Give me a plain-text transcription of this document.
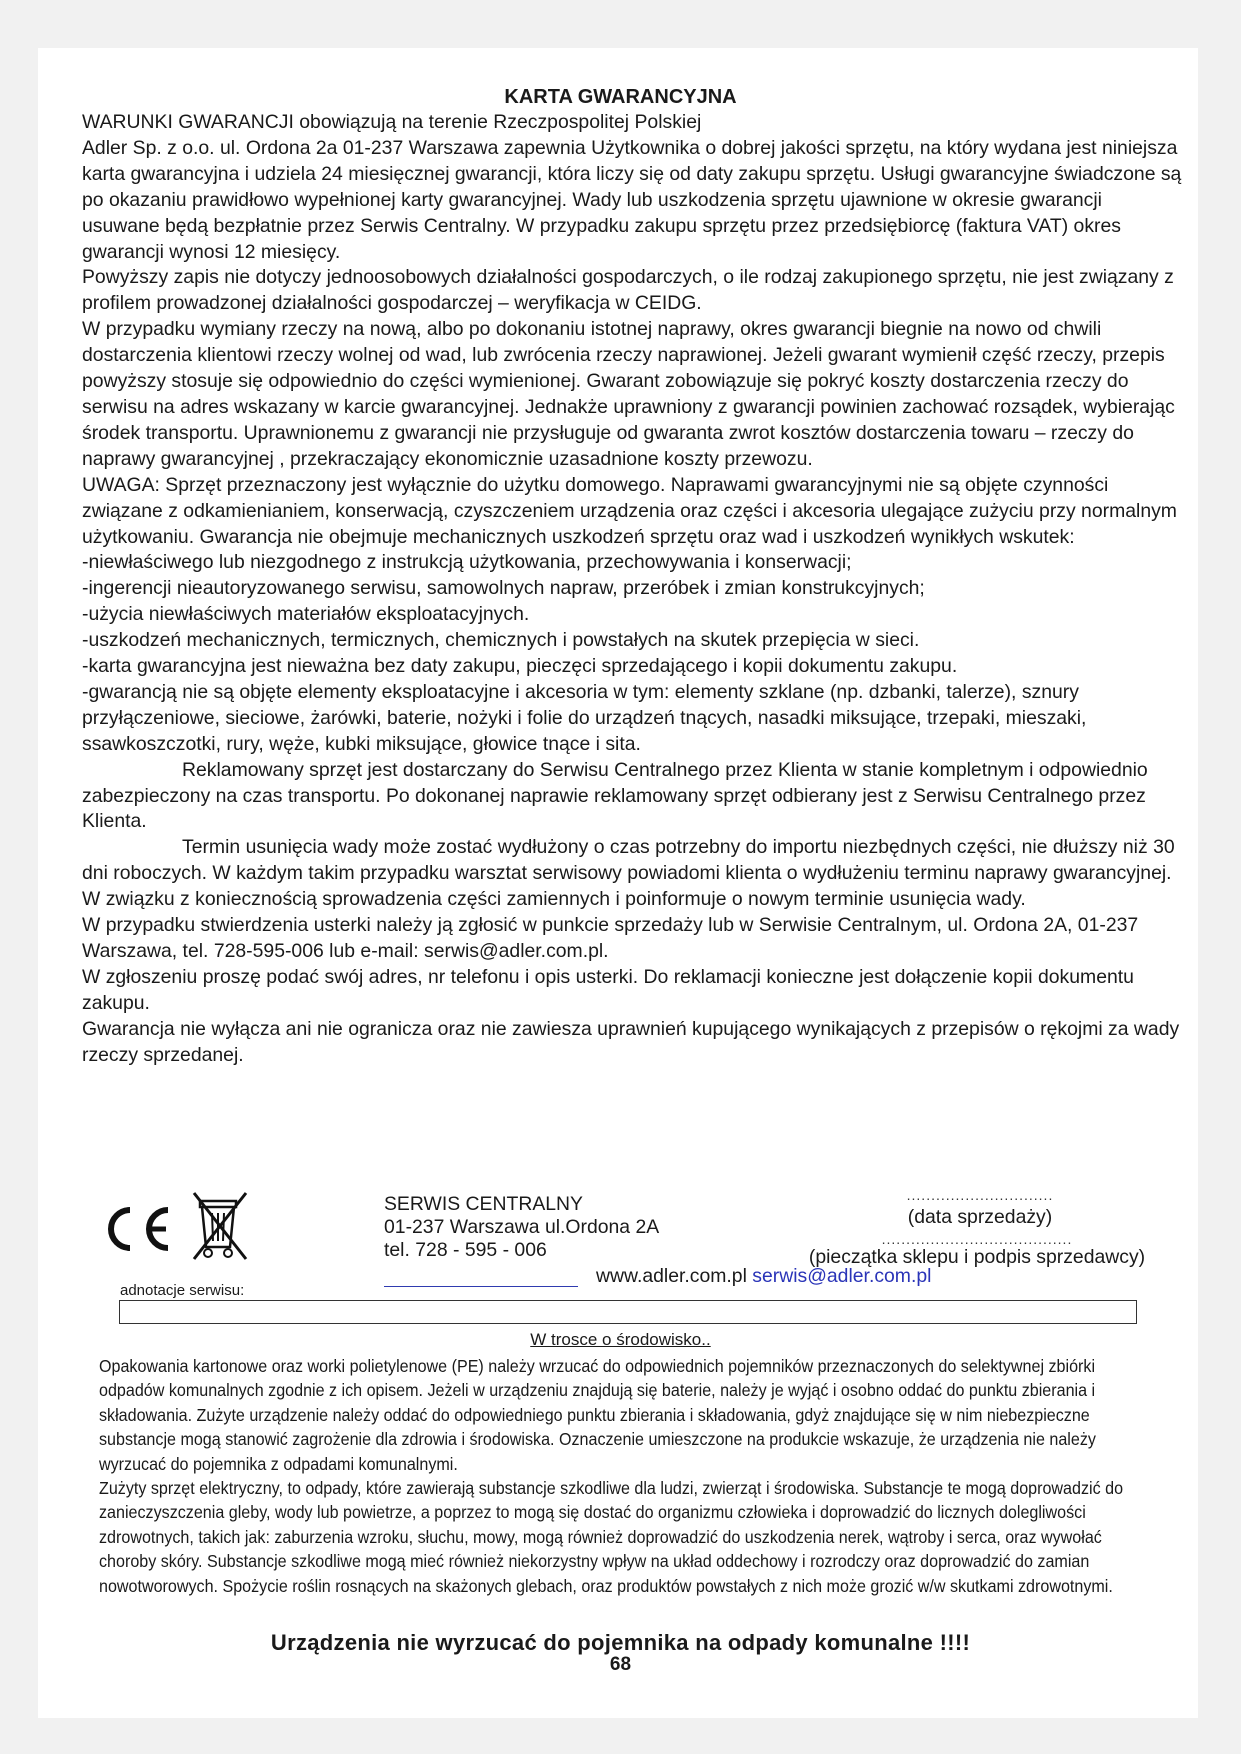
KARTA GWARANCYJNA

WARUNKI GWARANCJI obowiązują na terenie Rzeczpospolitej Polskiej

Adler Sp. z o.o. ul. Ordona 2a 01-237 Warszawa zapewnia Użytkownika o dobrej jakości sprzętu, na który wydana jest niniejsza karta gwarancyjna i udziela 24 miesięcznej gwarancji, która liczy się od daty zakupu sprzętu. Usługi gwarancyjne świadczone są po okazaniu prawidłowo wypełnionej karty gwarancyjnej. Wady lub uszkodzenia sprzętu ujawnione w okresie gwarancji usuwane będą bezpłatnie przez Serwis Centralny. W przypadku zakupu sprzętu przez przedsiębiorcę (faktura VAT) okres gwarancji wynosi 12 miesięcy.

Powyższy zapis nie dotyczy jednoosobowych działalności gospodarczych, o ile rodzaj zakupionego sprzętu, nie jest związany z profilem prowadzonej działalności gospodarczej – weryfikacja w CEIDG.

W przypadku wymiany rzeczy na nową, albo po dokonaniu istotnej naprawy, okres gwarancji biegnie na nowo od chwili dostarczenia klientowi rzeczy wolnej od wad, lub zwrócenia rzeczy naprawionej. Jeżeli gwarant wymienił część rzeczy, przepis powyższy stosuje się odpowiednio do części wymienionej. Gwarant zobowiązuje się pokryć koszty dostarczenia rzeczy do serwisu na adres wskazany w karcie gwarancyjnej. Jednakże uprawniony z gwarancji powinien zachować rozsądek, wybierając środek transportu. Uprawnionemu z gwarancji nie przysługuje od gwaranta zwrot kosztów dostarczenia towaru – rzeczy do naprawy gwarancyjnej , przekraczający ekonomicznie uzasadnione koszty przewozu.

UWAGA: Sprzęt przeznaczony jest wyłącznie do użytku domowego. Naprawami gwarancyjnymi nie są objęte czynności związane z odkamienianiem, konserwacją, czyszczeniem urządzenia oraz części i akcesoria ulegające zużyciu przy normalnym użytkowaniu. Gwarancja nie obejmuje mechanicznych uszkodzeń sprzętu oraz wad i uszkodzeń wynikłych wskutek:

-niewłaściwego lub niezgodnego z instrukcją użytkowania, przechowywania i konserwacji;

-ingerencji nieautoryzowanego serwisu, samowolnych napraw, przeróbek i zmian konstrukcyjnych;

-użycia niewłaściwych materiałów eksploatacyjnych.

-uszkodzeń mechanicznych, termicznych, chemicznych i powstałych na skutek przepięcia w sieci.

-karta gwarancyjna jest nieważna bez daty zakupu, pieczęci sprzedającego i kopii dokumentu zakupu.

-gwarancją nie są objęte elementy eksploatacyjne i akcesoria w tym: elementy szklane (np. dzbanki, talerze), sznury przyłączeniowe, sieciowe, żarówki, baterie, nożyki i folie do urządzeń tnących, nasadki miksujące, trzepaki, mieszaki, ssawkoszczotki, rury, węże, kubki miksujące, głowice tnące i sita.

Reklamowany sprzęt jest dostarczany do Serwisu Centralnego przez Klienta w stanie kompletnym i odpowiednio zabezpieczony na czas transportu. Po dokonanej naprawie reklamowany sprzęt odbierany jest z Serwisu Centralnego przez Klienta.

Termin usunięcia wady może zostać wydłużony o czas potrzebny do importu niezbędnych części, nie dłuższy niż 30 dni roboczych. W każdym takim przypadku warsztat serwisowy powiadomi klienta o wydłużeniu terminu naprawy gwarancyjnej. W związku z koniecznością sprowadzenia części zamiennych i poinformuje o nowym terminie usunięcia wady.

W przypadku stwierdzenia usterki należy ją zgłosić w punkcie sprzedaży lub w Serwisie Centralnym, ul. Ordona 2A, 01-237 Warszawa, tel. 728-595-006 lub e-mail: serwis@adler.com.pl.

W zgłoszeniu proszę podać swój adres, nr telefonu i opis usterki. Do reklamacji konieczne jest dołączenie kopii dokumentu zakupu.

Gwarancja nie wyłącza ani nie ogranicza oraz nie zawiesza uprawnień kupującego wynikających z przepisów o rękojmi za wady rzeczy sprzedanej.

SERWIS CENTRALNY
01-237 Warszawa ul.Ordona 2A
tel. 728 - 595 - 006
..............................
(data sprzedaży)
.......................................
(pieczątka sklepu i podpis sprzedawcy)
www.adler.com.pl serwis@adler.com.pl
adnotacje serwisu:
W trosce o środowisko..

Opakowania kartonowe oraz worki polietylenowe (PE) należy wrzucać do odpowiednich pojemników przeznaczonych do selektywnej zbiórki odpadów komunalnych zgodnie z ich opisem. Jeżeli w urządzeniu znajdują się baterie, należy je wyjąć i osobno oddać do punktu zbierania i składowania. Zużyte urządzenie należy oddać do odpowiedniego punktu zbierania i składowania, gdyż znajdujące się w nim niebezpieczne substancje mogą stanowić zagrożenie dla zdrowia i środowiska. Oznaczenie umieszczone na produkcie wskazuje, że urządzenia nie należy wyrzucać do pojemnika z odpadami komunalnymi.

Zużyty sprzęt elektryczny, to odpady, które zawierają substancje szkodliwe dla ludzi, zwierząt i środowiska. Substancje te mogą doprowadzić do zanieczyszczenia gleby, wody lub powietrze, a poprzez to mogą się dostać do organizmu człowieka i doprowadzić do licznych dolegliwości zdrowotnych, takich jak: zaburzenia wzroku, słuchu, mowy, mogą również doprowadzić do uszkodzenia nerek, wątroby i serca, oraz wywołać choroby skóry. Substancje szkodliwe mogą mieć również niekorzystny wpływ na układ oddechowy i rozrodczy oraz doprowadzić do zamian nowotworowych. Spożycie roślin rosnących na skażonych glebach, oraz produktów powstałych z nich może grozić w/w skutkami zdrowotnymi.

Urządzenia nie wyrzucać do pojemnika na odpady komunalne !!!!
68
